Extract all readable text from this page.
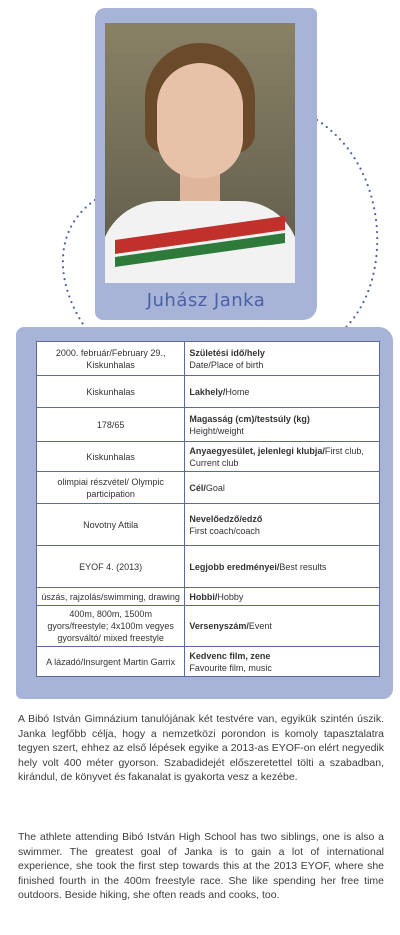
Juhász Janka
2000. február/February 29., Kiskunhalas	Születési idő/hely
Date/Place of birth
Kiskunhalas	Lakhely/Home
178/65	Magasság (cm)/testsúly (kg)
Height/weight
Kiskunhalas	Anyaegyesület, jelenlegi klubja/First club, Current club
olimpiai részvétel/ Olympic participation	Cél/Goal
Novotny Attila	Nevelőedző/edző
First coach/coach
EYOF 4. (2013)	Legjobb eredményei/Best results
úszás, rajzolás/swimming, drawing	Hobbi/Hobby
400m, 800m, 1500m gyors/freestyle; 4x100m vegyes gyorsváltó/ mixed freestyle	Versenyszám/Event
A lázadó/Insurgent Martin Garrix	Kedvenc film, zene
Favourite film, music

A Bibó István Gimnázium tanulójának két testvére van, egyikük szintén úszik. Janka legfőbb célja, hogy a nemzetközi porondon is komoly tapasztalatra tegyen szert, ehhez az első lépések egyike a 2013-as EYOF-on elért negyedik hely volt 400 méter gyorson. Szabadidejét előszeretettel tölti a szabadban, kirándul, de könyvet és fakanalat is gyakorta vesz a kezébe.

The athlete attending Bibó István High School has two siblings, one is also a swimmer. The greatest goal of Janka is to gain a lot of international experience, she took the first step towards this at the 2013 EYOF, where she finished fourth in the 400m freestyle race. She like spending her free time outdoors. Beside hiking, she often reads and cooks, too.
